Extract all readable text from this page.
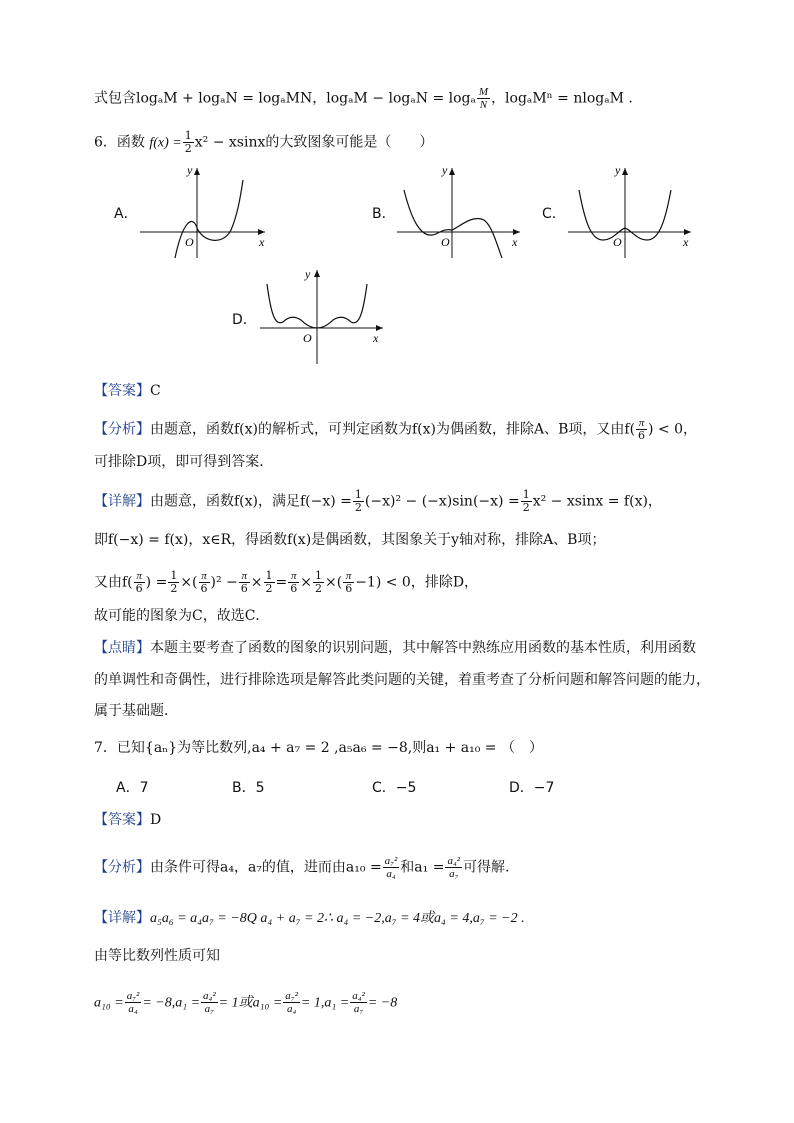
式包含logₐM + logₐN = logₐMN，logₐM − logₐN = logₐ $\frac{M}{N}$ ，logₐMⁿ = nlogₐM .
6．函数 $f(x) = \frac{1}{2} x^2 - xsinx$的大致图象可能是（　　）
A．
y
x
O
B．
y
x
O
C．
y
x
O
D．
y
x
O
【答案】C
【分析】由题意，函数f(x)的解析式，可判定函数为f(x)为偶函数，排除A、B项，又由$f( \frac{\pi}{6}$ ) < 0，
可排除D项，即可得到答案．
【详解】由题意，函数f(x)，满足$f(-x) = \frac{1}{2} (-x)^2 - (-x)\sin(-x) = \frac{1}{2} x^2 - xsinx = f(x)$，
即f(−x) = f(x)，x∈R，得函数f(x)是偶函数，其图象关于y轴对称，排除A、B项；
又由$f( \frac{\pi}{6}$ ) = $\frac{1}{2}$ ×( $\frac{\pi}{6} )^2 - \frac{\pi}{6} \times \frac{1}{2} = \frac{\pi}{6} \times \frac{1}{2}$ ×( $\frac{\pi}{6} -1) < 0$，排除D，
故可能的图象为C，故选C．
【点睛】本题主要考查了函数的图象的识别问题，其中解答中熟练应用函数的基本性质，利用函数
的单调性和奇偶性，进行排除选项是解答此类问题的关键，着重考查了分析问题和解答问题的能力，
属于基础题．
7．已知{aₙ}为等比数列,a₄ + a₇ = 2 ,a₅a₆ = −8,则a₁ + a₁₀ = （　）
A．7	B．5	C．−5	D．−7
【答案】D
【分析】由条件可得a₄，a₇的值，进而由$a_{10} = \frac{\text{a₇²}}{\text{a₄}}$ 和$a_1 = \frac{\text{a₄²}}{\text{a₇}}$ 可得解.
【详解】a₅a₆ = a₄a₇ = −8Q a₄ + a₇ = 2∴ a₄ = −2,a₇ = 4或a₄ = 4,a₇ = −2 .
由等比数列性质可知
$a_{10} = \frac{\text{a₇²}}{\text{a₄}} = -8,a_1 = \frac{\text{a₄²}}{\text{a₇}} = 1$或$a_{10} = \frac{\text{a₇²}}{\text{a₄}} = 1,a_1 = \frac{\text{a₄²}}{\text{a₇}} = -8$
